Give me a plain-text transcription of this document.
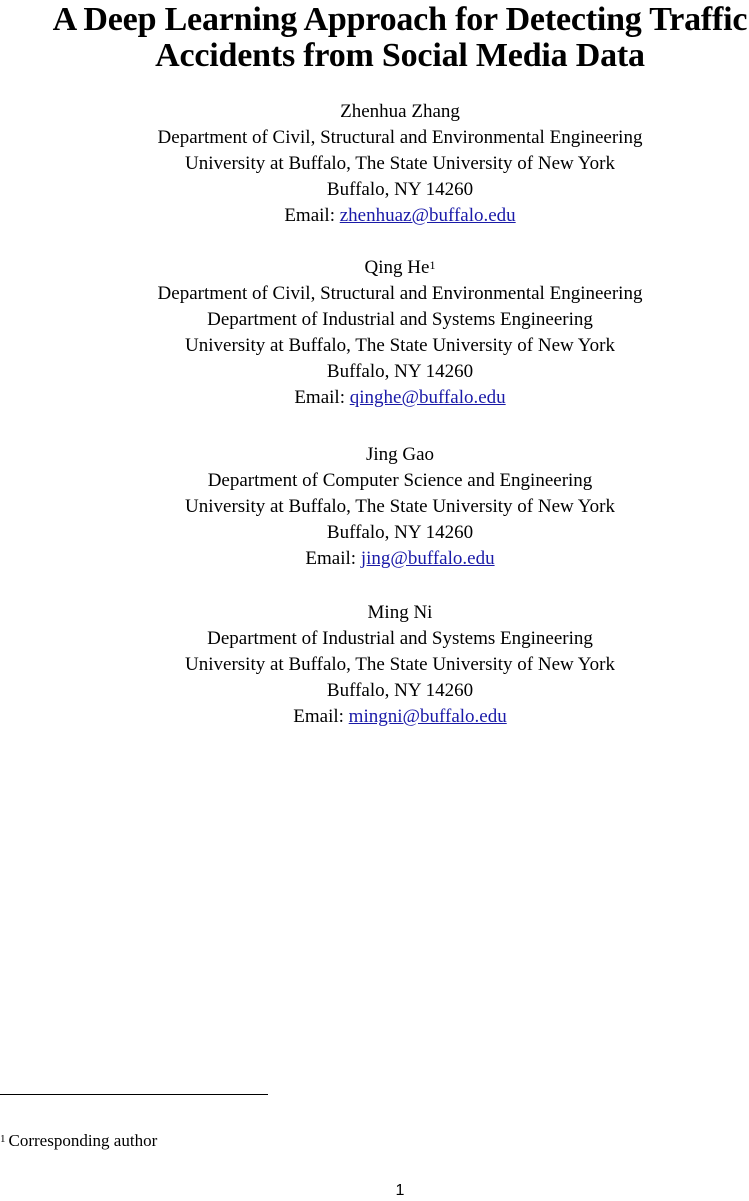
A Deep Learning Approach for Detecting Traffic
Accidents from Social Media Data
Zhenhua Zhang
Department of Civil, Structural and Environmental Engineering
University at Buffalo, The State University of New York
Buffalo, NY 14260
Email: zhenhuaz@buffalo.edu
Qing He$^1$
Department of Civil, Structural and Environmental Engineering
Department of Industrial and Systems Engineering
University at Buffalo, The State University of New York
Buffalo, NY 14260
Email: qinghe@buffalo.edu
Jing Gao
Department of Computer Science and Engineering
University at Buffalo, The State University of New York
Buffalo, NY 14260
Email: jing@buffalo.edu
Ming Ni
Department of Industrial and Systems Engineering
University at Buffalo, The State University of New York
Buffalo, NY 14260
Email: mingni@buffalo.edu
$^1$ Corresponding author
1
